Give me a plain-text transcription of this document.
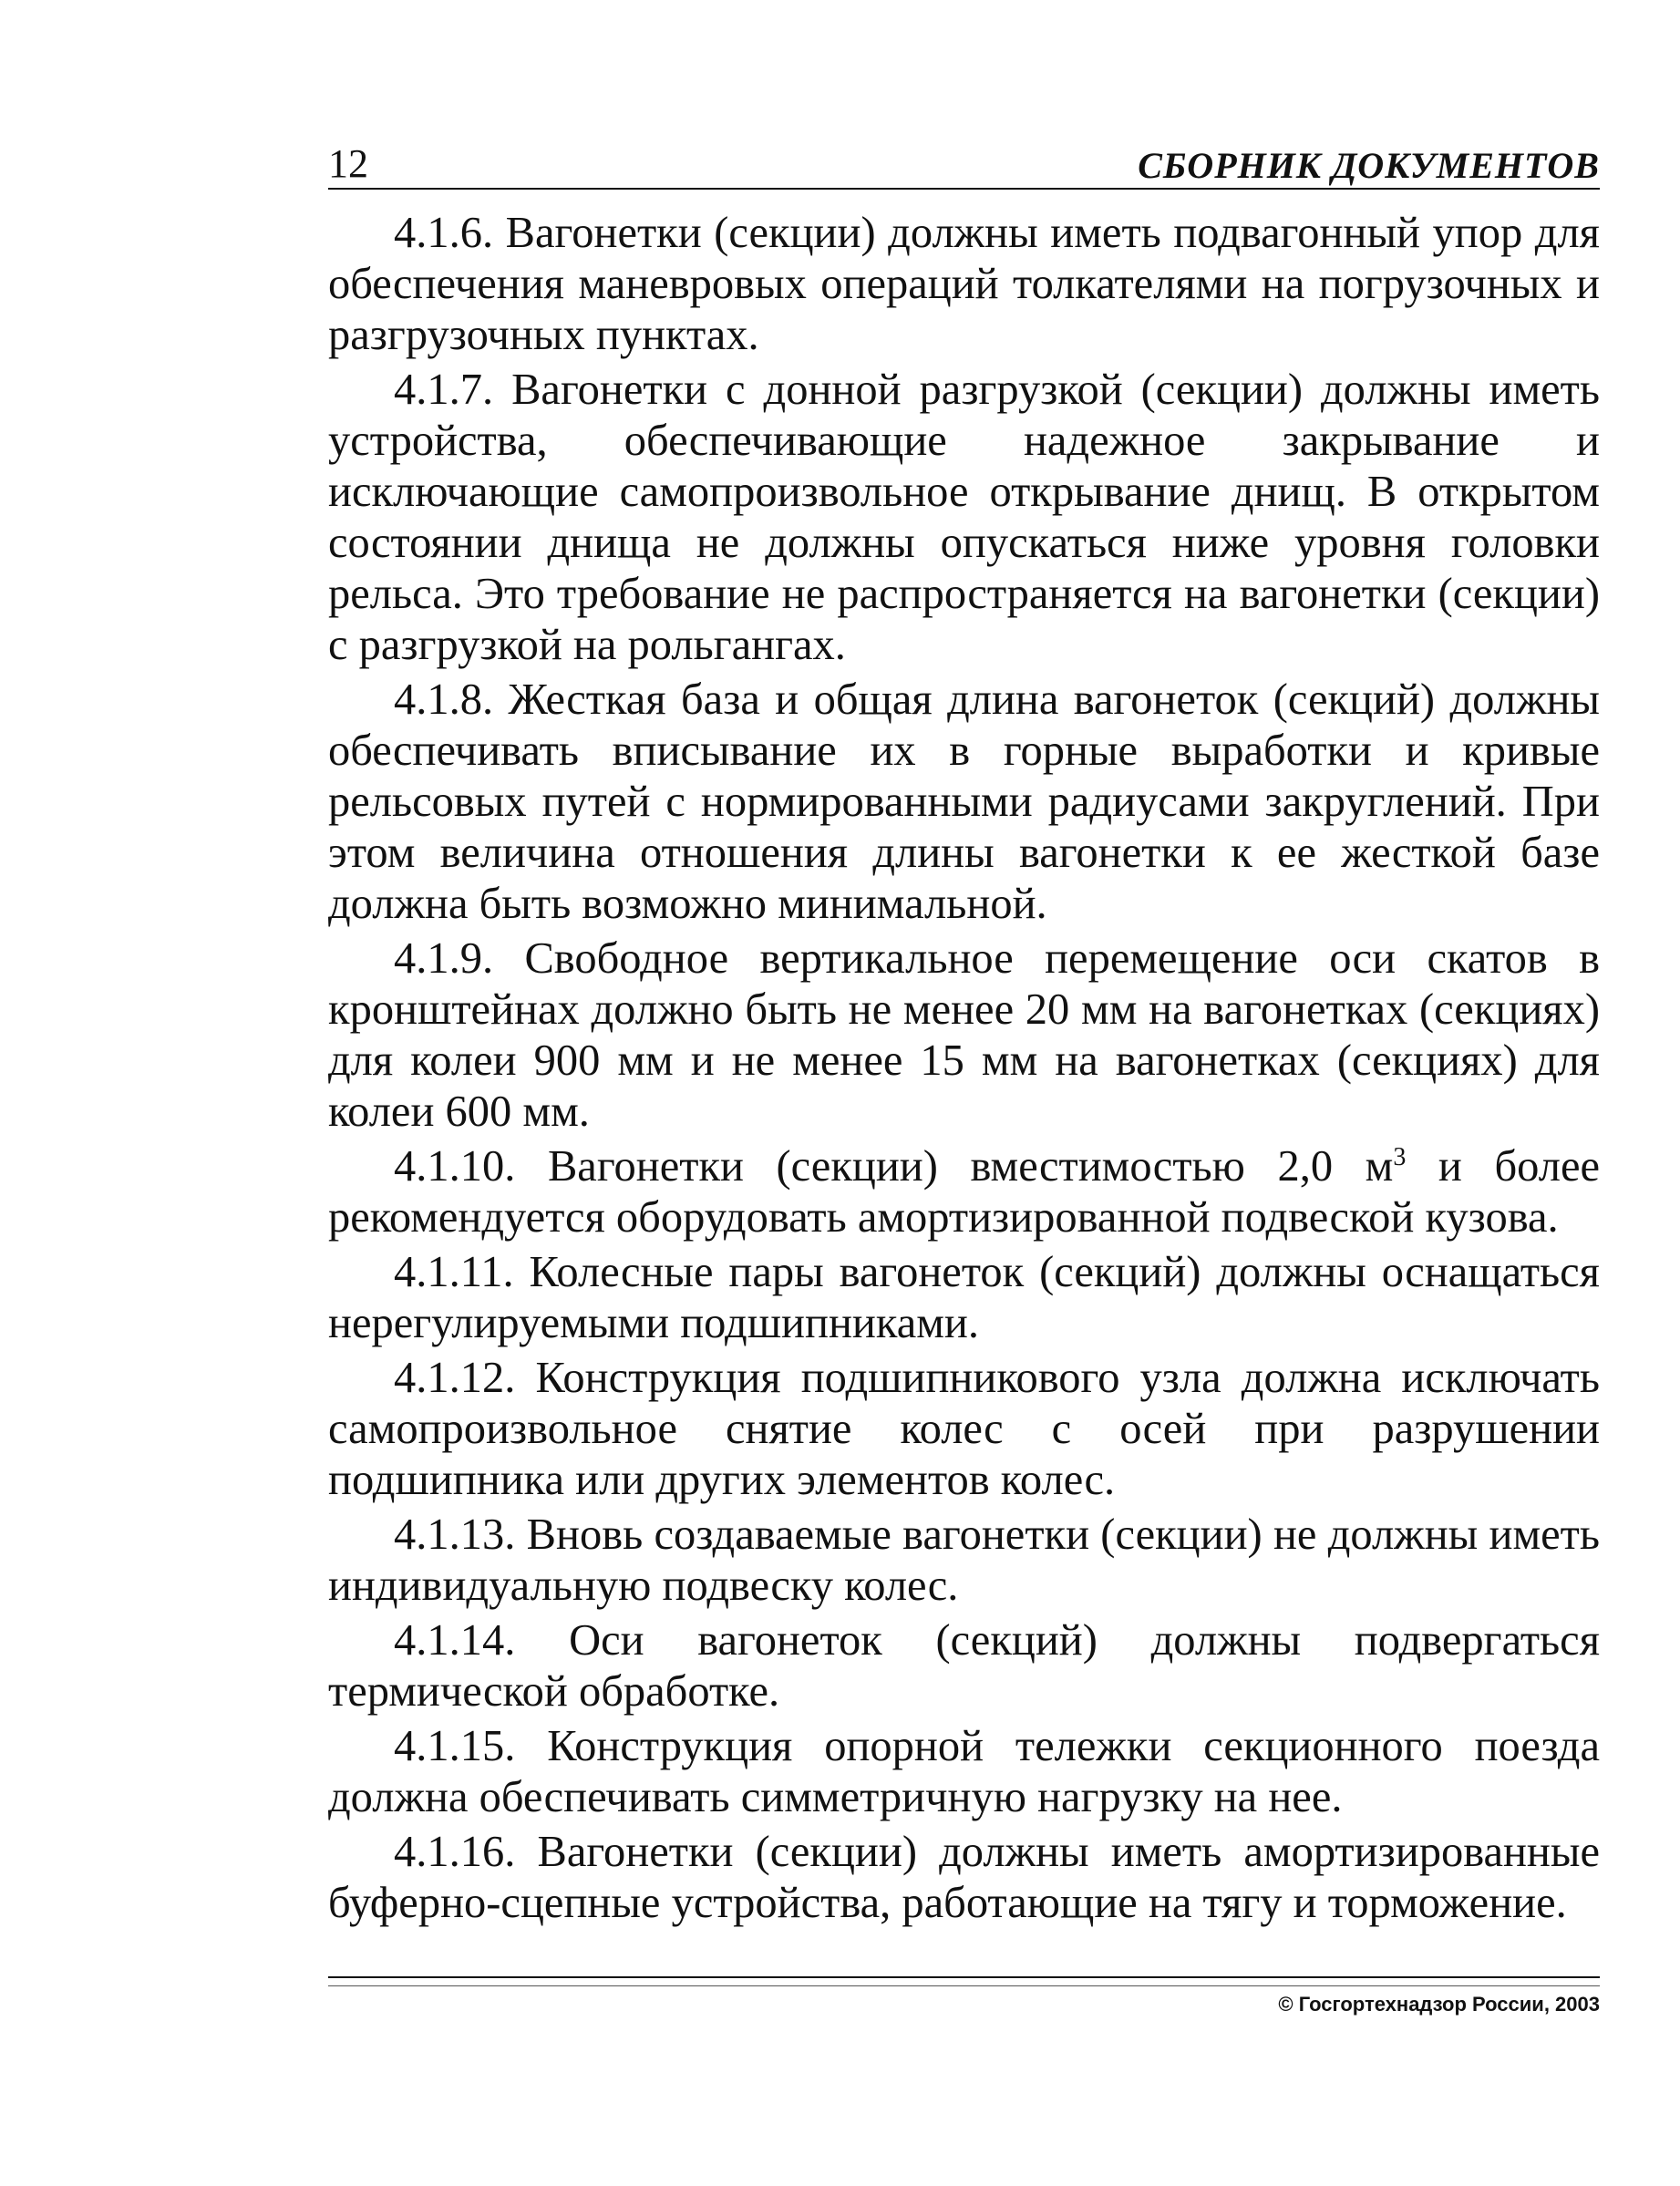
12	СБОРНИК ДОКУМЕНТОВ

4.1.6. Вагонетки (секции) должны иметь подвагонный упор для обеспечения маневровых операций толкателями на погрузочных и разгрузочных пунктах.

4.1.7. Вагонетки с донной разгрузкой (секции) должны иметь устройства, обеспечивающие надежное закрывание и исключающие самопроизвольное открывание днищ. В открытом состоянии днища не должны опускаться ниже уровня головки рельса. Это требование не распространяется на вагонетки (секции) с разгрузкой на рольгангах.

4.1.8. Жесткая база и общая длина вагонеток (секций) должны обеспечивать вписывание их в горные выработки и кривые рельсовых путей с нормированными радиусами закруглений. При этом величина отношения длины вагонетки к ее жесткой базе должна быть возможно минимальной.

4.1.9. Свободное вертикальное перемещение оси скатов в кронштейнах должно быть не менее 20 мм на вагонетках (секциях) для колеи 900 мм и не менее 15 мм на вагонетках (секциях) для колеи 600 мм.

4.1.10. Вагонетки (секции) вместимостью 2,0 $м^3$ и более рекомендуется оборудовать амортизированной подвеской кузова.

4.1.11. Колесные пары вагонеток (секций) должны оснащаться нерегулируемыми подшипниками.

4.1.12. Конструкция подшипникового узла должна исключать самопроизвольное снятие колес с осей при разрушении подшипника или других элементов колес.

4.1.13. Вновь создаваемые вагонетки (секции) не должны иметь индивидуальную подвеску колес.

4.1.14. Оси вагонеток (секций) должны подвергаться термической обработке.

4.1.15. Конструкция опорной тележки секционного поезда должна обеспечивать симметричную нагрузку на нее.

4.1.16. Вагонетки (секции) должны иметь амортизированные буферно-сцепные устройства, работающие на тягу и торможение.

© Госгортехнадзор России, 2003
